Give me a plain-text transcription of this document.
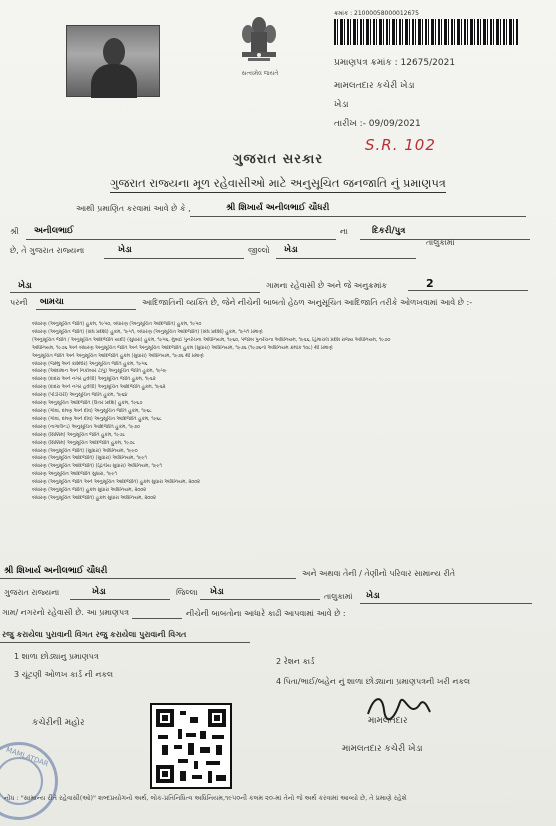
સત્યમેવ જયતે
ક્રમાંક : 21000058000012675
પ્રમાણપત્ર ક્રમાંક : 12675/2021
મામલતદાર કચેરી ખેડા
ખેડા
તારીખ :- 09/09/2021
S.R. 102
ગુજરાત સરકાર
ગુજરાત રાજ્યના મૂળ રહેવાસીઓ માટે અનુસૂચિત જનજાતિ નું પ્રમાણપત્ર
આથી પ્રમાણિત કરવામાં આવે છે કે ,	શ્રી શિખાર્ય અનીલભાઈ ચૌધરી
શ્રી અનીલભાઈ	ના	દિકરી/પુત્ર
છે, તે ગુજરાત રાજ્યના	ખેડા	જીલ્લો ખેડા
તાલુકામાં
ખેડા	ગામના રહેવાસી છે અને જે અનુક્રમાંક	2
પરની બામચા	આદિજાતિની વ્યક્તિ છે, જેને નીચેની બાબતો હેઠળ અનુસૂચિત આદિજાતિ તરીકે ઓળખવામાં આવે છે :-
બંધારણ (અનુસૂચિત જાતિ) હુકમ, ૧૯૫૦, બંધારણ (અનુસૂચિત આદિજાતિ) હુકમ, ૧૯૫૦
બંધારણ (અનુસૂચિત જાતિ) (સંઘ પ્રદેશો) હુકમ, ૧૯૫૧, બંધારણ (અનુસૂચિત આદિજાતિ) (સંઘ પ્રદેશો) હુકમ, ૧૯૫૧ પ્રમાણે
(અનુસૂચિત જાતિ / અનુસૂચિત આદિજાતિ યાદી) (સુધારા) હુકમ, ૧૯૫૬, મુંબઈ પુનર્રચના અધિનિયમ, ૧૯૬૦, પંજાબ પુનર્રચના અધિનિયમ, ૧૯૬૬, હિમાચલ પ્રદેશ રાજ્ય અધિનિયમ, ૧૯૭૦
અધિનિયમ, ૧૯૭૬ અને બંધારણ અનુસૂચિત જાતિ અને અનુસૂચિત આદિજાતિ હુકમ (સુધારા) અધિનિયમ, ૧૯૭૬ (૧૯૭૬નો અધિનિયમ ક્રમાંક ૧૦૮) થી પ્રમાણે
અનુસૂચિત જાતિ અને અનુસૂચિત આદિજાતિ હુકમ (સુધારા) અધિનિયમ, ૧૯૭૬ થી પ્રમાણે
બંધારણ (જમ્મુ અને કાશ્મીર) અનુસૂચિત જાતિ હુકમ, ૧૯૫૬
બંધારણ (આંદામાન અને નિકોબાર ટાપુ) અનુસૂચિત જાતિ હુકમ, ૧૯૫૯
બંધારણ (દાદરા અને નગર હવેલી) અનુસૂચિત જાતિ હુકમ, ૧૯૬૨
બંધારણ (દાદરા અને નગર હવેલી) અનુસૂચિત આદિજાતિ હુકમ, ૧૯૬૨
બંધારણ (પોંડીચેરી) અનુસૂચિત જાતિ હુકમ, ૧૯૬૪
બંધારણ અનુસૂચિત આદિજાતિ (ઉત્તર પ્રદેશ) હુકમ, ૧૯૬૭
બંધારણ (ગોવા, દમણ અને દીવ) અનુસૂચિત જાતિ હુકમ, ૧૯૬૮
બંધારણ (ગોવા, દમણ અને દીવ) અનુસૂચિત આદિજાતિ હુકમ, ૧૯૬૮
બંધારણ (નાગાલેન્ડ) અનુસૂચિત આદિજાતિ હુકમ, ૧૯૭૦
બંધારણ (સિક્કિમ) અનુસૂચિત જાતિ હુકમ, ૧૯૭૮
બંધારણ (સિક્કિમ) અનુસૂચિત આદિજાતિ હુકમ, ૧૯૭૮
બંધારણ (અનુસૂચિત જાતિ) (સુધારા) અધિનિયમ, ૧૯૯૦
બંધારણ (અનુસૂચિત આદિજાતિ) (સુધારા) અધિનિયમ, ૧૯૯૧
બંધારણ (અનુસૂચિત આદિજાતિ) (દ્વિતીય સુધારા) અધિનિયમ, ૧૯૯૧
બંધારણ અનુસૂચિત આદિજાતિ સુધારા, ૧૯૯૧
બંધારણ (અનુસૂચિત જાતિ અને અનુસૂચિત આદિજાતિ) હુકમ સુધારા અધિનિયમ, ૨૦૦૨
બંધારણ (અનુસૂચિત જાતિ) હુકમ સુધારા અધિનિયમ, ૨૦૦૨
બંધારણ (અનુસૂચિત આદિજાતિ) હુકમ સુધારા અધિનિયમ, ૨૦૦૨
શ્રી શિખાર્ય અનીલભાઈ ચૌધરી	અને અથવા તેની / તેણીનો પરિવાર સામાન્ય રીતે
ગુજરાત રાજ્યના	ખેડા	જિલ્લા ખેડા	તાલુકામાં ખેડા
ગામ/ નગરનો રહેવાસી છે. આ પ્રમાણપત્ર	નીચેની બાબતોના આધારે કાઢી આપવામાં આવે છે :
રજુ કરાયેલા પુરાવાની વિગત રજુ કરાયેલા પુરાવાની વિગત
1 શાળા છોડ્યાનુ પ્રમાણપત્ર
2 રેશન કાર્ડ
3 ચૂંટણી ઓળખ કાર્ડ ની નકલ
4 પિતા/ભાઈ/બહેન નું શાળા છોડ્યાના પ્રમાણપત્રની ખરી નકલ
કચેરીની મહોર	મામલતદાર
મામલતદાર કચેરી ખેડા
MAMLATDAR
નોંધ : "સામાન્ય રીતે રહેવાસી(ઓ)" શબ્દપ્રયોગનો અર્થ, લોક-પ્રતિનિધિત્વ અધિનિયમ,૧૯૫૦ની કલમ ૨૦-માં તેનો જે અર્થ કરવામાં આવ્યો છે, તે પ્રમાણે રહેશે
